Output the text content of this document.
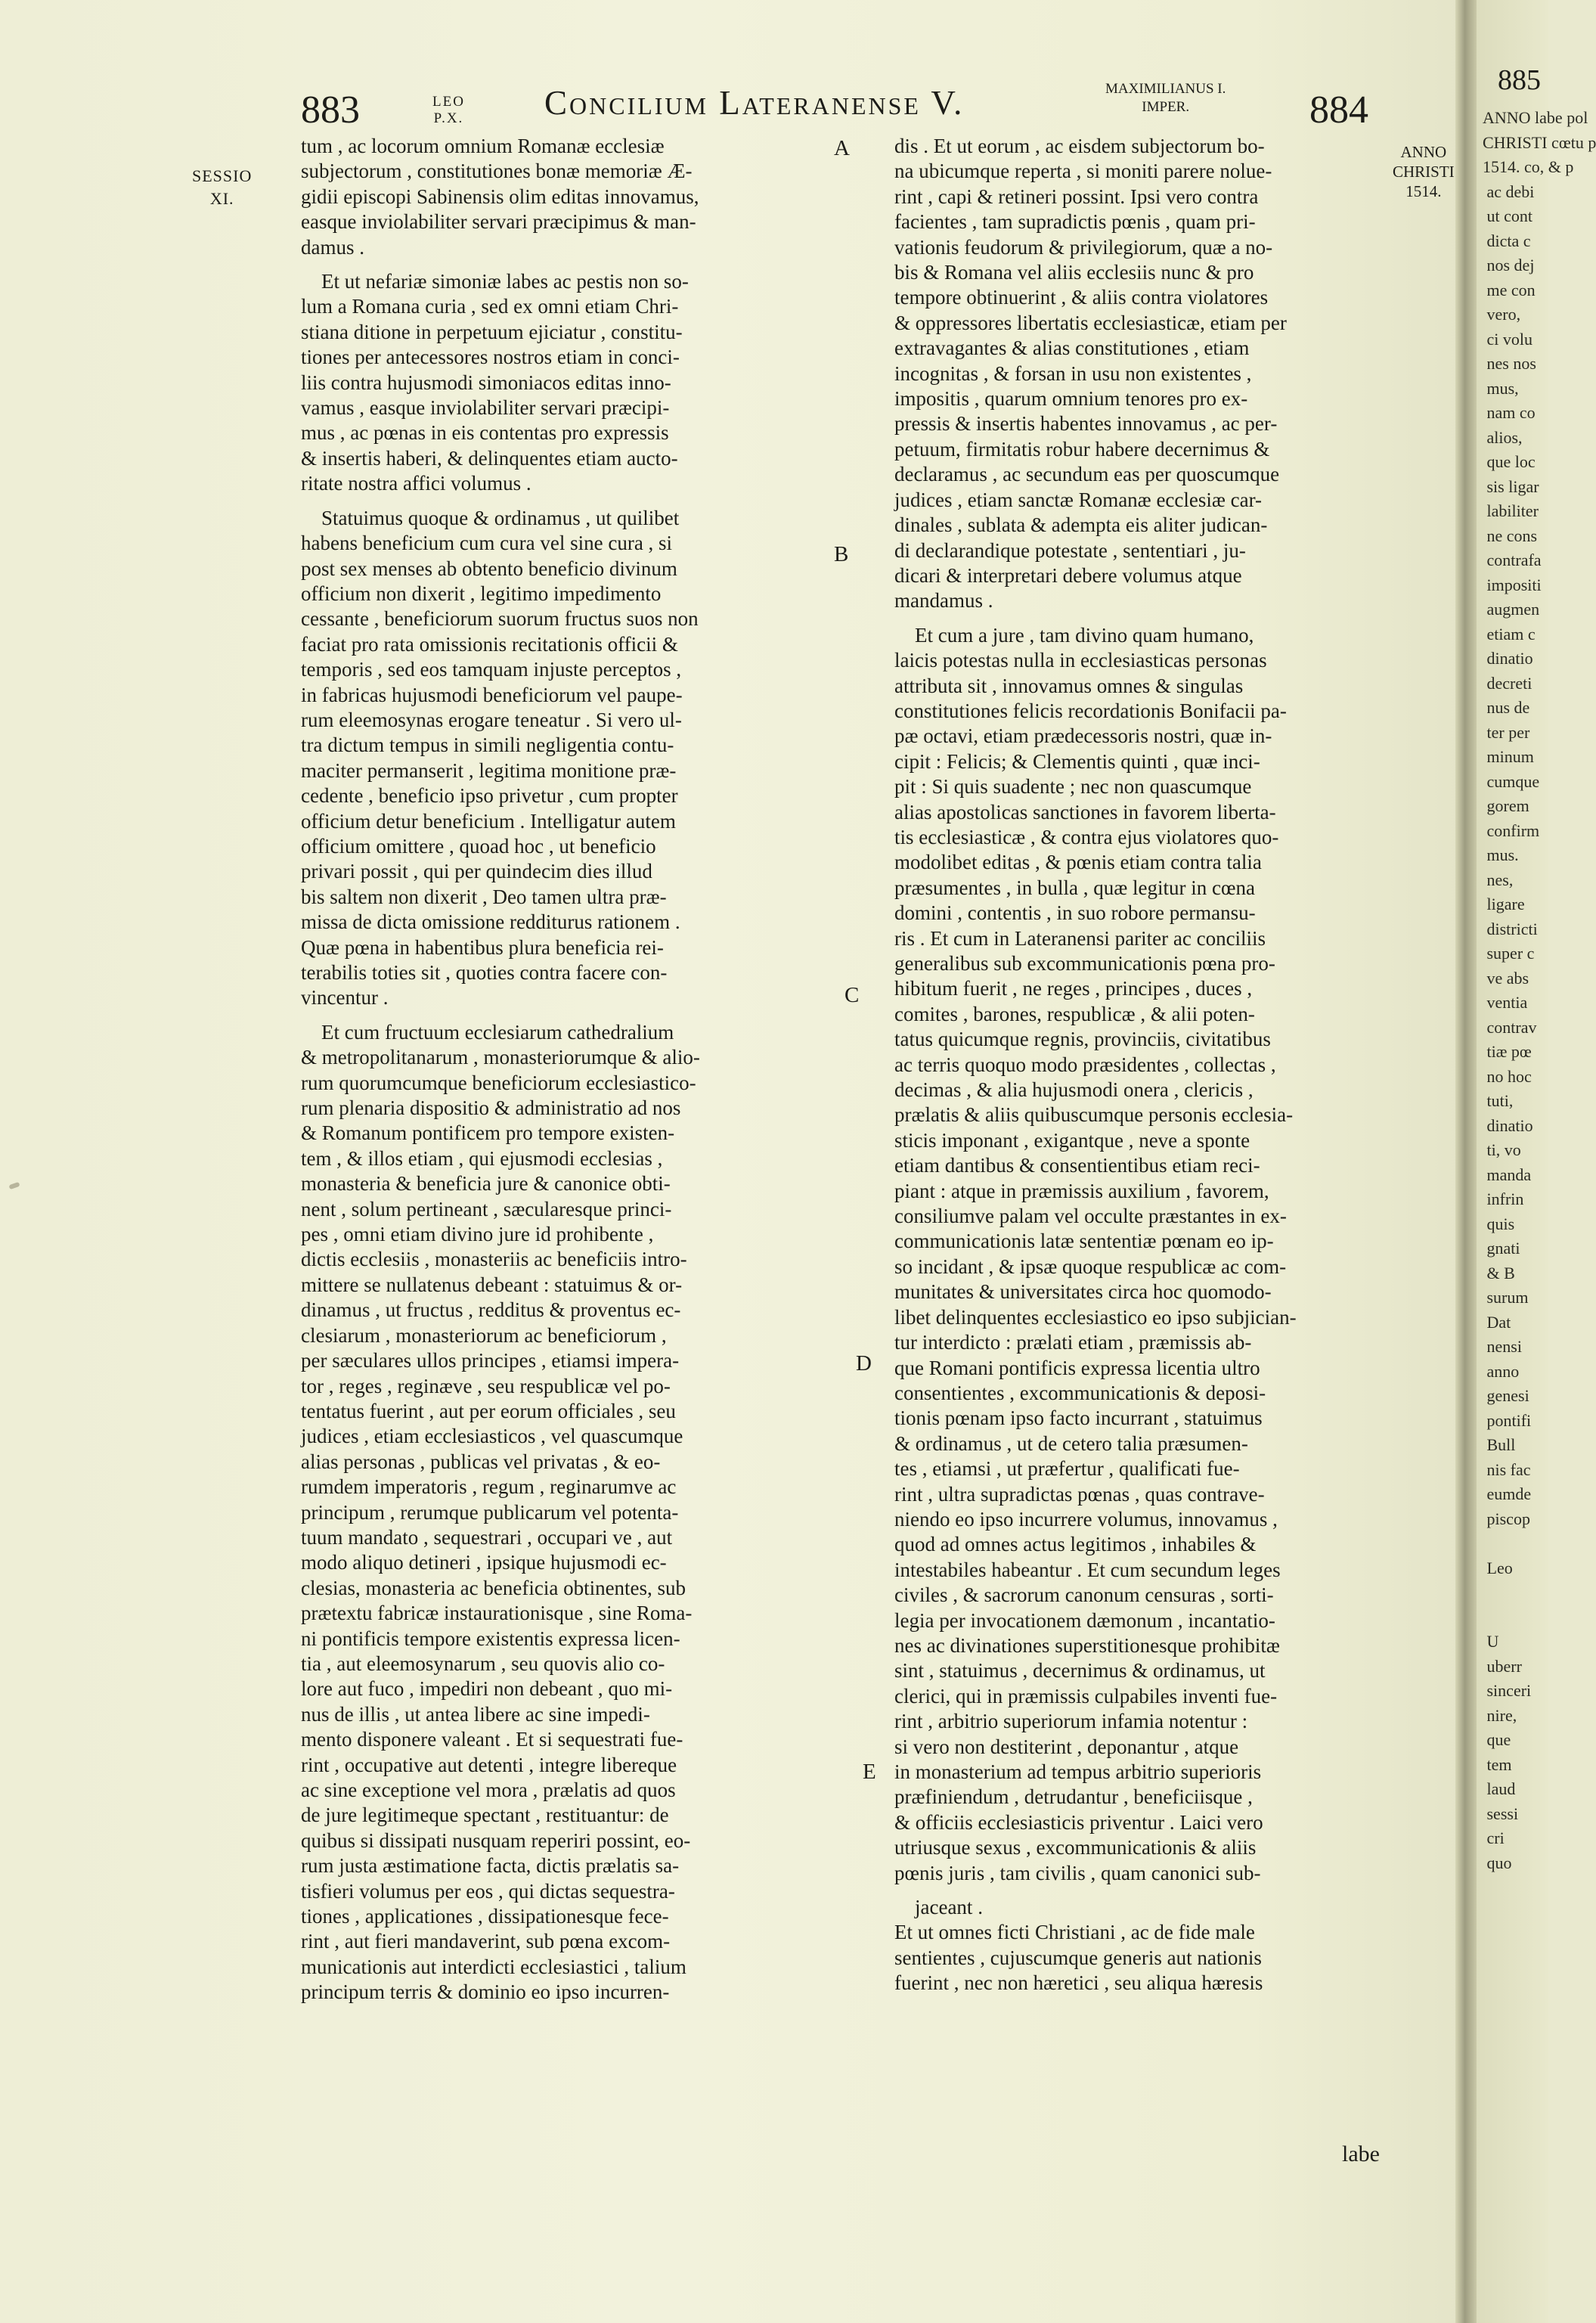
885
ANNO labe pol
CHRISTI cœtu p
1514. co, & p
ac debi
ut cont
dicta c
nos dej
me con
vero,
ci volu
nes nos
mus,
nam co
alios,
que loc
sis ligar
labiliter
ne cons
contrafa
impositi
augmen
etiam c
dinatio
decreti
nus de
ter per
minum
cumque
gorem
confirm
mus.
nes,
ligare
districti
super c
ve abs
ventia
contrav
tiæ pœ
no hoc
tuti,
dinatio
ti, vo
manda
infrin
quis
gnati
& B
surum
Dat
nensi
anno
genesi
pontifi
Bull
nis fac
eumde
piscop

Leo

U
uberr
sinceri
nire,
que
tem
laud
sessi
cri
quo
883	LEO
P.X. Concilium Lateranense V.	MAXIMILIANUS I.
IMPER.	884
SESSIO
XI.
ANNO
CHRISTI
1514.

tum , ac locorum omnium Romanæ ecclesiæ

subjectorum , constitutiones bonæ memoriæ Æ-

gidii episcopi Sabinensis olim editas innovamus,

easque inviolabiliter servari præcipimus & man-

damus .

 Et ut nefariæ simoniæ labes ac pestis non so-

lum a Romana curia , sed ex omni etiam Chri-

stiana ditione in perpetuum ejiciatur , constitu-

tiones per antecessores nostros etiam in conci-

liis contra hujusmodi simoniacos editas inno-

vamus , easque inviolabiliter servari præcipi-

mus , ac pœnas in eis contentas pro expressis

& insertis haberi, & delinquentes etiam aucto-

ritate nostra affici volumus .

 Statuimus quoque & ordinamus , ut quilibet

habens beneficium cum cura vel sine cura , si

post sex menses ab obtento beneficio divinum

officium non dixerit , legitimo impedimento

cessante , beneficiorum suorum fructus suos non

faciat pro rata omissionis recitationis officii &

temporis , sed eos tamquam injuste perceptos ,

in fabricas hujusmodi beneficiorum vel paupe-

rum eleemosynas erogare teneatur . Si vero ul-

tra dictum tempus in simili negligentia contu-

maciter permanserit , legitima monitione præ-

cedente , beneficio ipso privetur , cum propter

officium detur beneficium . Intelligatur autem

officium omittere , quoad hoc , ut beneficio

privari possit , qui per quindecim dies illud

bis saltem non dixerit , Deo tamen ultra præ-

missa de dicta omissione redditurus rationem .

Quæ pœna in habentibus plura beneficia rei-

terabilis toties sit , quoties contra facere con-

vincentur .

 Et cum fructuum ecclesiarum cathedralium

& metropolitanarum , monasteriorumque & alio-

rum quorumcumque beneficiorum ecclesiastico-

rum plenaria dispositio & administratio ad nos

& Romanum pontificem pro tempore existen-

tem , & illos etiam , qui ejusmodi ecclesias ,

monasteria & beneficia jure & canonice obti-

nent , solum pertineant , sæcularesque princi-

pes , omni etiam divino jure id prohibente ,

dictis ecclesiis , monasteriis ac beneficiis intro-

mittere se nullatenus debeant : statuimus & or-

dinamus , ut fructus , redditus & proventus ec-

clesiarum , monasteriorum ac beneficiorum ,

per sæculares ullos principes , etiamsi impera-

tor , reges , reginæve , seu respublicæ vel po-

tentatus fuerint , aut per eorum officiales , seu

judices , etiam ecclesiasticos , vel quascumque

alias personas , publicas vel privatas , & eo-

rumdem imperatoris , regum , reginarumve ac

principum , rerumque publicarum vel potenta-

tuum mandato , sequestrari , occupari ve , aut

modo aliquo detineri , ipsique hujusmodi ec-

clesias, monasteria ac beneficia obtinentes, sub

prætextu fabricæ instaurationisque , sine Roma-

ni pontificis tempore existentis expressa licen-

tia , aut eleemosynarum , seu quovis alio co-

lore aut fuco , impediri non debeant , quo mi-

nus de illis , ut antea libere ac sine impedi-

mento disponere valeant . Et si sequestrati fue-

rint , occupative aut detenti , integre libereque

ac sine exceptione vel mora , prælatis ad quos

de jure legitimeque spectant , restituantur: de

quibus si dissipati nusquam reperiri possint, eo-

rum justa æstimatione facta, dictis prælatis sa-

tisfieri volumus per eos , qui dictas sequestra-

tiones , applicationes , dissipationesque fece-

rint , aut fieri mandaverint, sub pœna excom-

municationis aut interdicti ecclesiastici , talium

principum terris & dominio eo ipso incurren-

dis . Et ut eorum , ac eisdem subjectorum bo-

na ubicumque reperta , si moniti parere nolue-

rint , capi & retineri possint. Ipsi vero contra

facientes , tam supradictis pœnis , quam pri-

vationis feudorum & privilegiorum, quæ a no-

bis & Romana vel aliis ecclesiis nunc & pro

tempore obtinuerint , & aliis contra violatores

& oppressores libertatis ecclesiasticæ, etiam per

extravagantes & alias constitutiones , etiam

incognitas , & forsan in usu non existentes ,

impositis , quarum omnium tenores pro ex-

pressis & insertis habentes innovamus , ac per-

petuum, firmitatis robur habere decernimus &

declaramus , ac secundum eas per quoscumque

judices , etiam sanctæ Romanæ ecclesiæ car-

dinales , sublata & adempta eis aliter judican-

di declarandique potestate , sententiari , ju-

dicari & interpretari debere volumus atque

mandamus .

 Et cum a jure , tam divino quam humano,

laicis potestas nulla in ecclesiasticas personas

attributa sit , innovamus omnes & singulas

constitutiones felicis recordationis Bonifacii pa-

pæ octavi, etiam prædecessoris nostri, quæ in-

cipit : Felicis; & Clementis quinti , quæ inci-

pit : Si quis suadente ; nec non quascumque

alias apostolicas sanctiones in favorem liberta-

tis ecclesiasticæ , & contra ejus violatores quo-

modolibet editas , & pœnis etiam contra talia

præsumentes , in bulla , quæ legitur in cœna

domini , contentis , in suo robore permansu-

ris . Et cum in Lateranensi pariter ac conciliis

generalibus sub excommunicationis pœna pro-

hibitum fuerit , ne reges , principes , duces ,

comites , barones, respublicæ , & alii poten-

tatus quicumque regnis, provinciis, civitatibus

ac terris quoquo modo præsidentes , collectas ,

decimas , & alia hujusmodi onera , clericis ,

prælatis & aliis quibuscumque personis ecclesia-

sticis imponant , exigantque , neve a sponte

etiam dantibus & consentientibus etiam reci-

piant : atque in præmissis auxilium , favorem,

consiliumve palam vel occulte præstantes in ex-

communicationis latæ sententiæ pœnam eo ip-

so incidant , & ipsæ quoque respublicæ ac com-

munitates & universitates circa hoc quomodo-

libet delinquentes ecclesiastico eo ipso subjician-

tur interdicto : prælati etiam , præmissis ab-

que Romani pontificis expressa licentia ultro

consentientes , excommunicationis & deposi-

tionis pœnam ipso facto incurrant , statuimus

& ordinamus , ut de cetero talia præsumen-

tes , etiamsi , ut præfertur , qualificati fue-

rint , ultra supradictas pœnas , quas contrave-

niendo eo ipso incurrere volumus, innovamus ,

quod ad omnes actus legitimos , inhabiles &

intestabiles habeantur . Et cum secundum leges

civiles , & sacrorum canonum censuras , sorti-

legia per invocationem dæmonum , incantatio-

nes ac divinationes superstitionesque prohibitæ

sint , statuimus , decernimus & ordinamus, ut

clerici, qui in præmissis culpabiles inventi fue-

rint , arbitrio superiorum infamia notentur :

si vero non destiterint , deponantur , atque

in monasterium ad tempus arbitrio superioris

præfiniendum , detrudantur , beneficiisque ,

& officiis ecclesiasticis priventur . Laici vero

utriusque sexus , excommunicationis & aliis

pœnis juris , tam civilis , quam canonici sub-

 jaceant .

Et ut omnes ficti Christiani , ac de fide male

sentientes , cujuscumque generis aut nationis

fuerint , nec non hæretici , seu aliqua hæresis

A
B
C
D
E
labe
